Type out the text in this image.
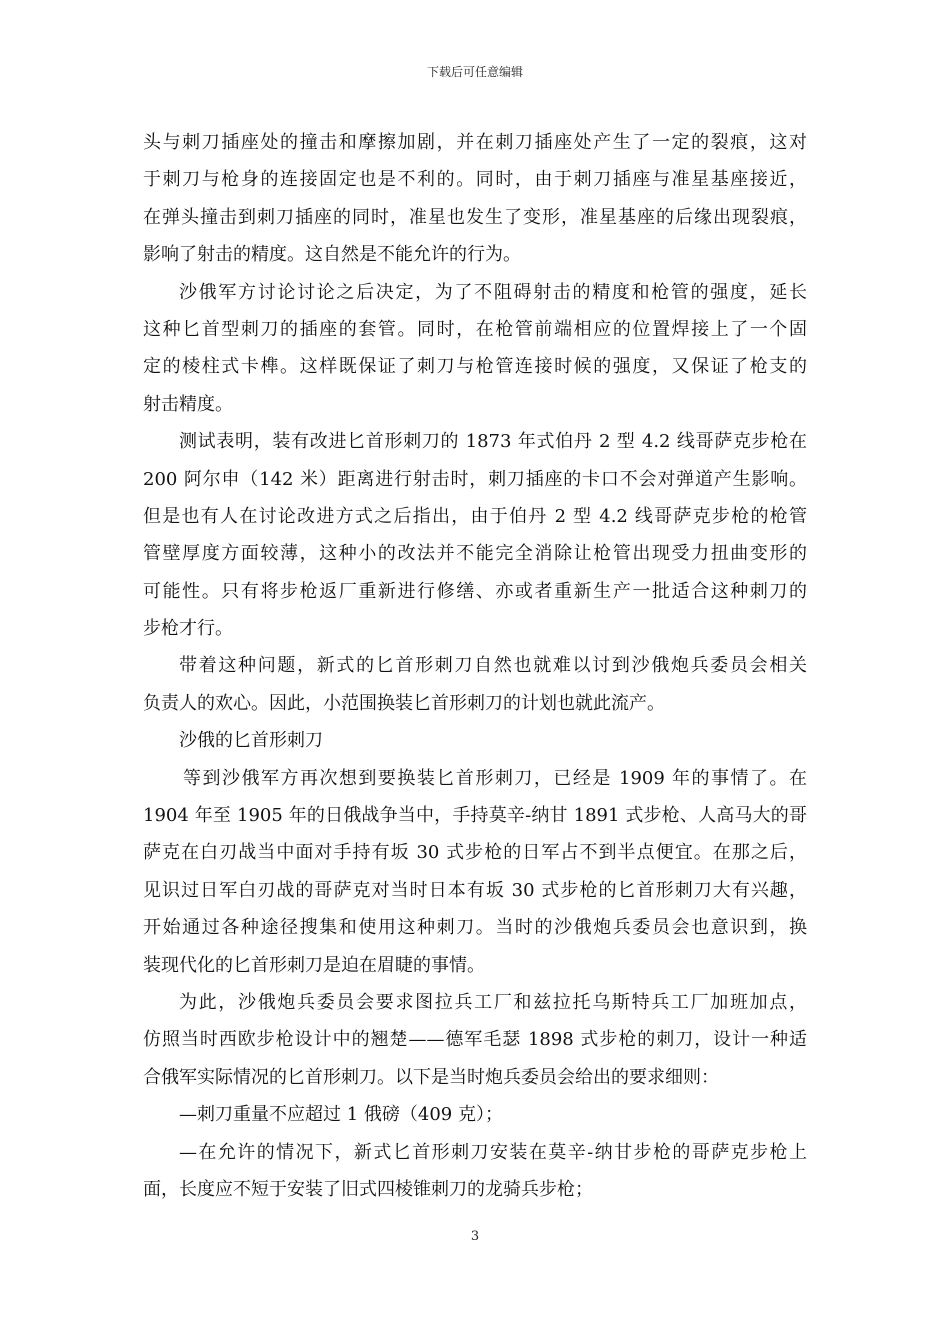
下载后可任意编辑
头与刺刀插座处的撞击和摩擦加剧，并在刺刀插座处产生了一定的裂痕，这对
于刺刀与枪身的连接固定也是不利的。同时，由于刺刀插座与准星基座接近，
在弹头撞击到刺刀插座的同时，准星也发生了变形，准星基座的后缘出现裂痕，
影响了射击的精度。这自然是不能允许的行为。
沙俄军方讨论讨论之后决定，为了不阻碍射击的精度和枪管的强度，延长
这种匕首型刺刀的插座的套管。同时，在枪管前端相应的位置焊接上了一个固
定的棱柱式卡榫。这样既保证了刺刀与枪管连接时候的强度，又保证了枪支的
射击精度。
测试表明，装有改进匕首形刺刀的 1873 年式伯丹 2 型 4.2 线哥萨克步枪在
200 阿尔申（142 米）距离进行射击时，刺刀插座的卡口不会对弹道产生影响。
但是也有人在讨论改进方式之后指出，由于伯丹 2 型 4.2 线哥萨克步枪的枪管
管壁厚度方面较薄，这种小的改法并不能完全消除让枪管出现受力扭曲变形的
可能性。只有将步枪返厂重新进行修缮、亦或者重新生产一批适合这种刺刀的
步枪才行。
带着这种问题，新式的匕首形刺刀自然也就难以讨到沙俄炮兵委员会相关
负责人的欢心。因此，小范围换装匕首形刺刀的计划也就此流产。
沙俄的匕首形刺刀
等到沙俄军方再次想到要换装匕首形刺刀，已经是 1909 年的事情了。在
1904 年至 1905 年的日俄战争当中，手持莫辛-纳甘 1891 式步枪、人高马大的哥
萨克在白刃战当中面对手持有坂 30 式步枪的日军占不到半点便宜。在那之后，
见识过日军白刃战的哥萨克对当时日本有坂 30 式步枪的匕首形刺刀大有兴趣，
开始通过各种途径搜集和使用这种刺刀。当时的沙俄炮兵委员会也意识到，换
装现代化的匕首形刺刀是迫在眉睫的事情。
为此，沙俄炮兵委员会要求图拉兵工厂和兹拉托乌斯特兵工厂加班加点，
仿照当时西欧步枪设计中的翘楚——德军毛瑟 1898 式步枪的刺刀，设计一种适
合俄军实际情况的匕首形刺刀。以下是当时炮兵委员会给出的要求细则：
—刺刀重量不应超过 1 俄磅（409 克）；
—在允许的情况下，新式匕首形刺刀安装在莫辛-纳甘步枪的哥萨克步枪上
面，长度应不短于安装了旧式四棱锥刺刀的龙骑兵步枪；
3
